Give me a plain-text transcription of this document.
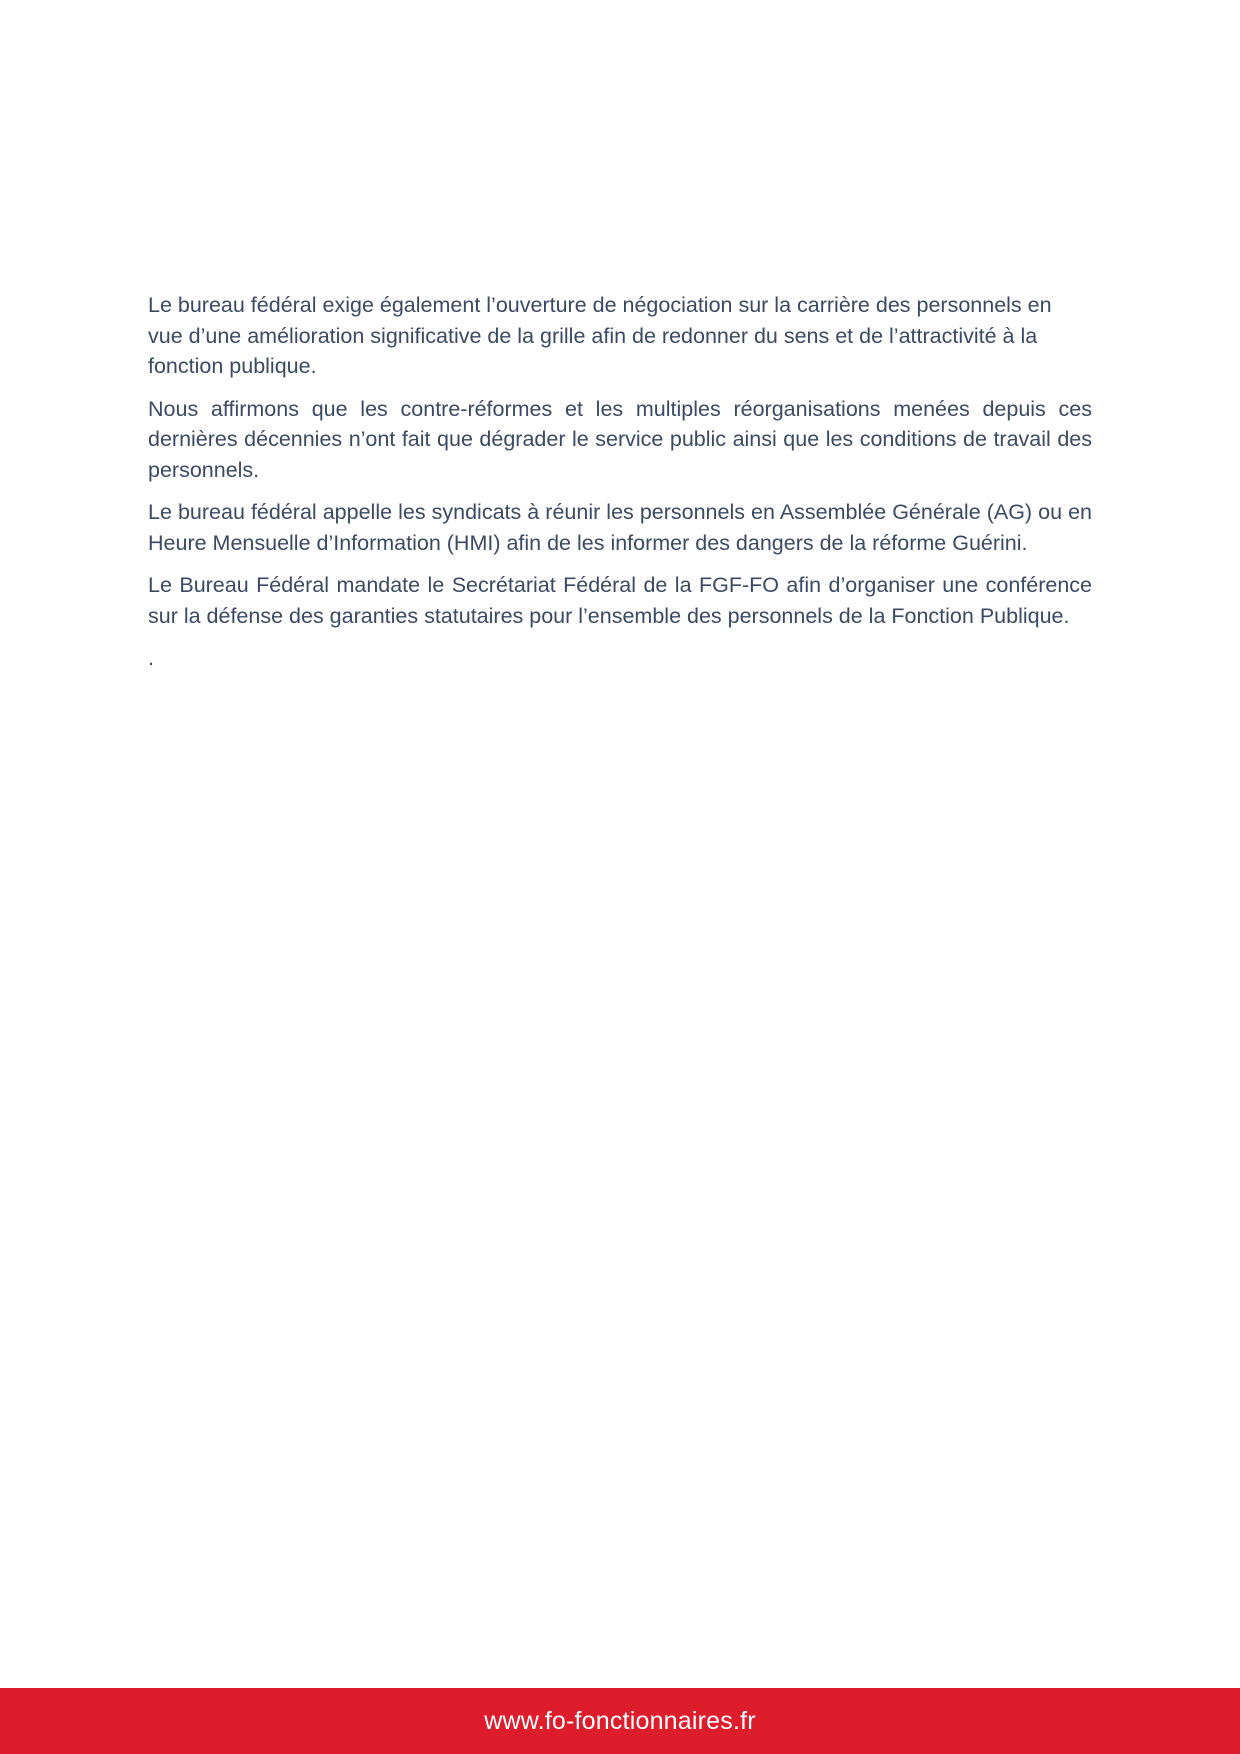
Le bureau fédéral exige également l’ouverture de négociation sur la carrière des personnels en vue d’une amélioration significative de la grille afin de redonner du sens et de l’attractivité à la fonction publique.

Nous affirmons que les contre-réformes et les multiples réorganisations menées depuis ces dernières décennies n’ont fait que dégrader le service public ainsi que les conditions de travail des personnels.

Le bureau fédéral appelle les syndicats à réunir les personnels en Assemblée Générale (AG) ou en Heure Mensuelle d’Information (HMI) afin de les informer des dangers de la réforme Guérini.

Le Bureau Fédéral mandate le Secrétariat Fédéral de la FGF-FO afin d’organiser une conférence sur la défense des garanties statutaires pour l’ensemble des personnels de la Fonction Publique.

.

www.fo-fonctionnaires.fr
